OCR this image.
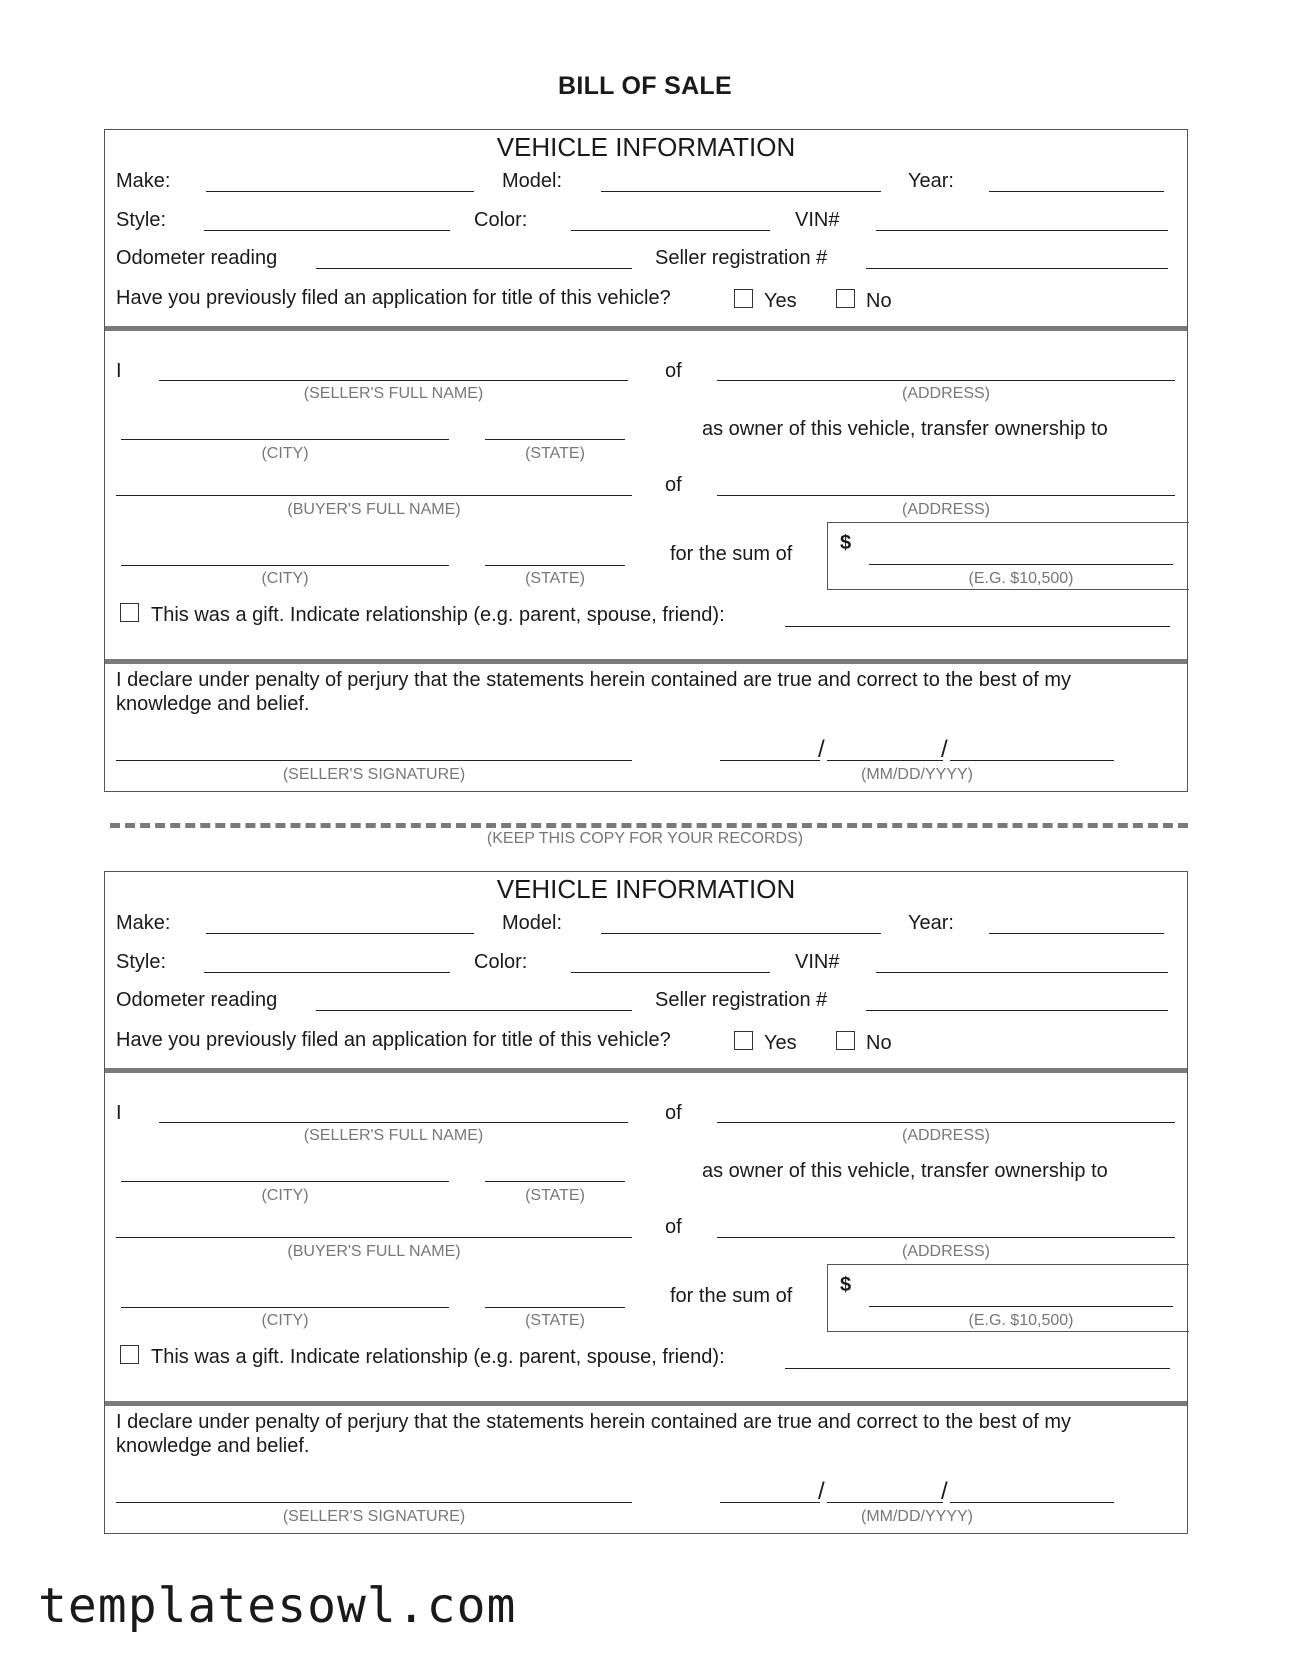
BILL OF SALE
VEHICLE INFORMATION
Make:	Model:	Year:
Style:	Color:	VIN#
Odometer reading	Seller registration #
Have you previously filed an application for title of this vehicle?	Yes	No
I
(SELLER'S FULL NAME)
of
(ADDRESS)
(CITY)	(STATE)
as owner of this vehicle, transfer ownership to
(BUYER'S FULL NAME)
of
(ADDRESS)
(CITY)	(STATE)
for the sum of $
(E.G. $10,500)
This was a gift. Indicate relationship (e.g. parent, spouse, friend):
I declare under penalty of perjury that the statements herein contained are true and correct to the best of my knowledge and belief.
(SELLER'S SIGNATURE)
/	/
(MM/DD/YYYY)
(KEEP THIS COPY FOR YOUR RECORDS)
VEHICLE INFORMATION
Make:	Model:	Year:
Style:	Color:	VIN#
Odometer reading	Seller registration #
Have you previously filed an application for title of this vehicle?	Yes	No
I
(SELLER'S FULL NAME)
of
(ADDRESS)
(CITY)	(STATE)
as owner of this vehicle, transfer ownership to
(BUYER'S FULL NAME)
of
(ADDRESS)
(CITY)	(STATE)
for the sum of $
(E.G. $10,500)
This was a gift. Indicate relationship (e.g. parent, spouse, friend):
I declare under penalty of perjury that the statements herein contained are true and correct to the best of my knowledge and belief.
(SELLER'S SIGNATURE)
/	/
(MM/DD/YYYY)
templatesowl.com
